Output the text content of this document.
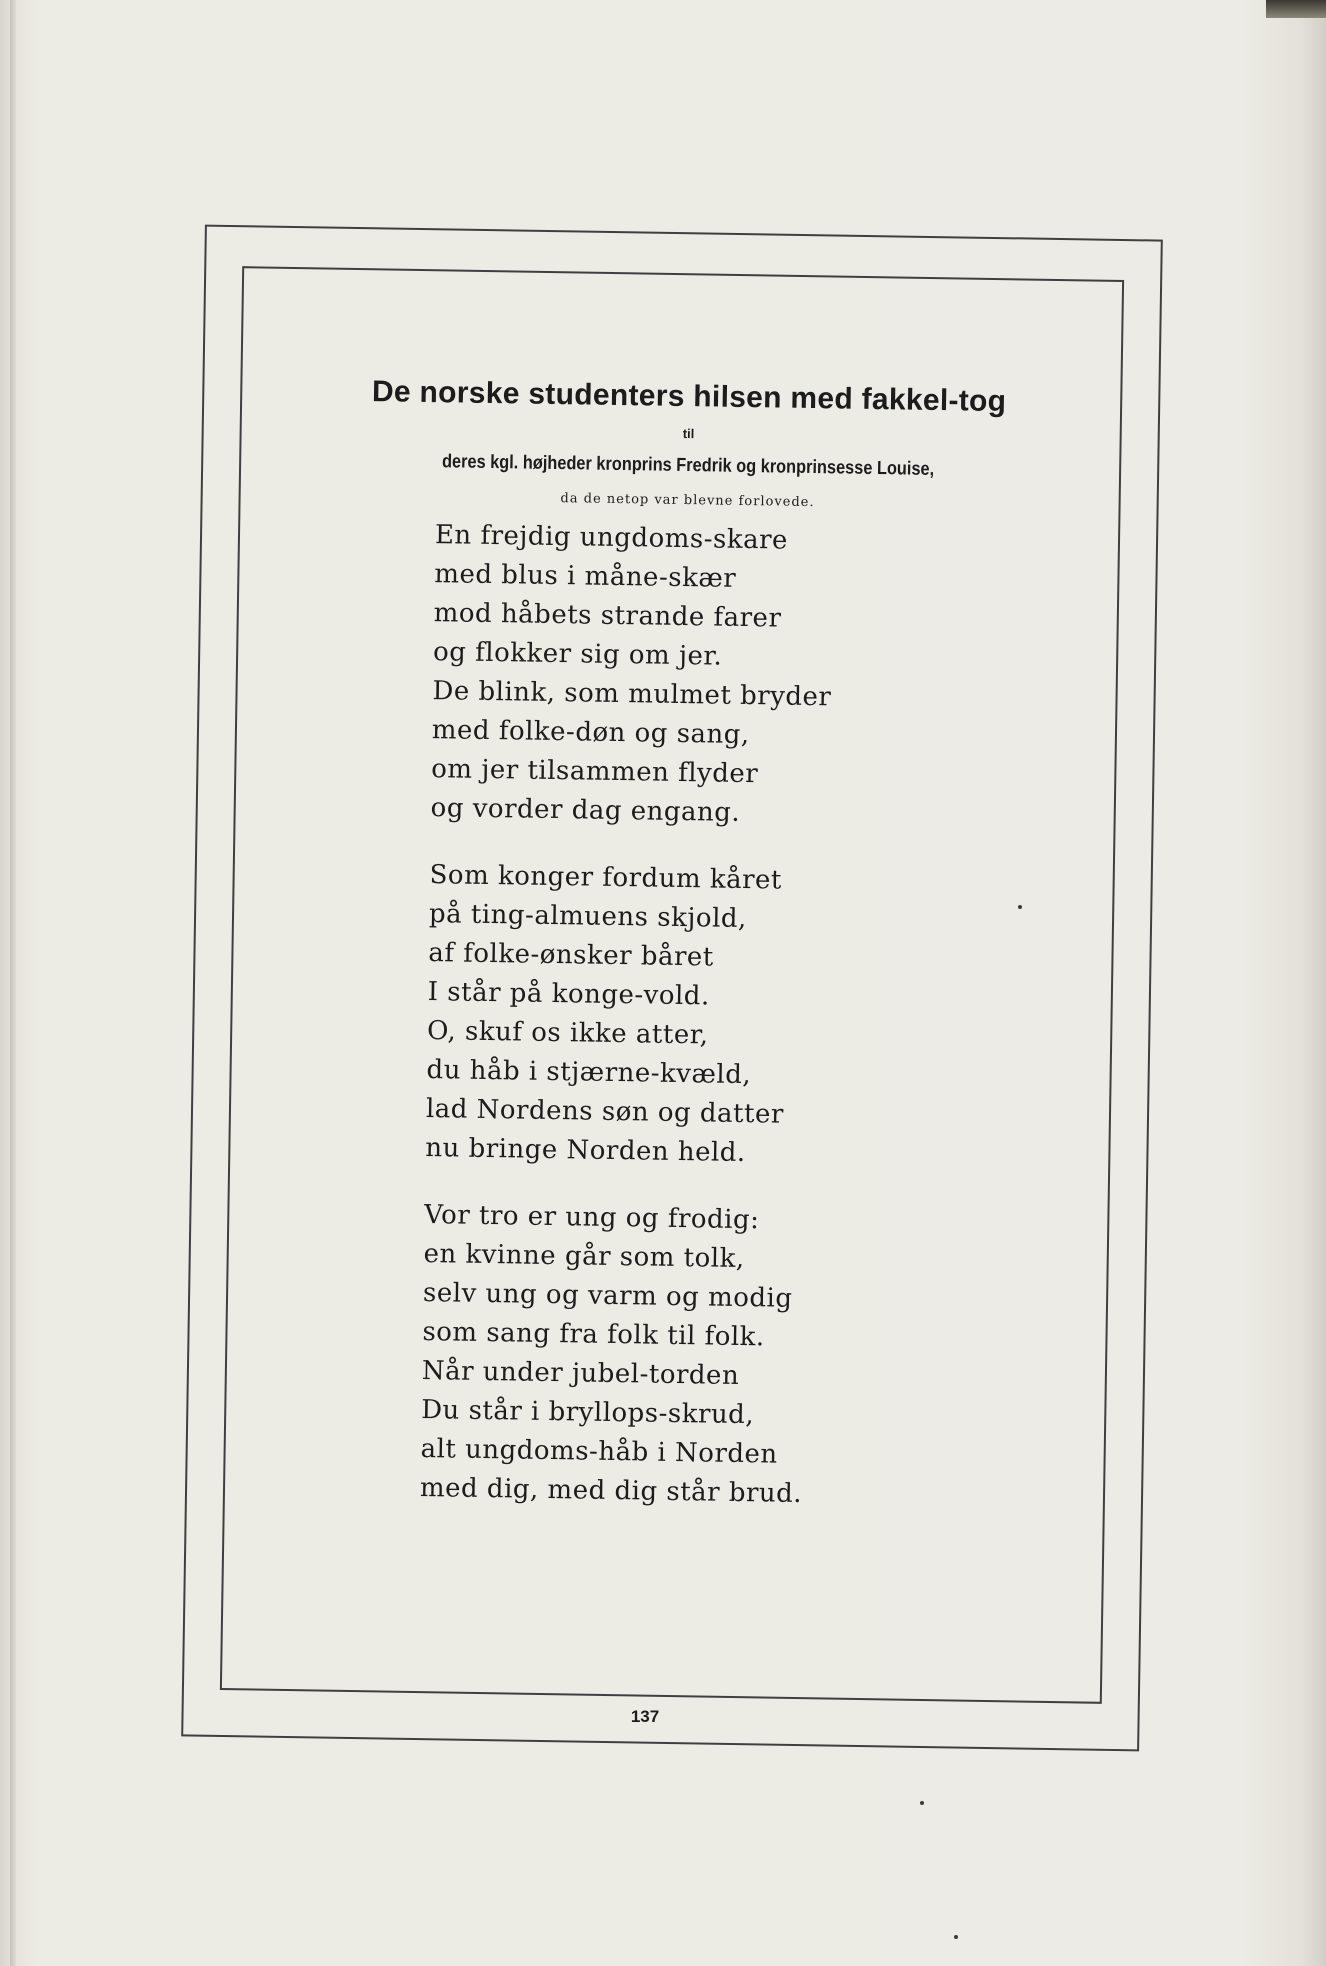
De norske studenters hilsen med fakkel-tog
til
deres kgl. højheder kronprins Fredrik og kronprinsesse Louise,
da de netop var blevne forlovede.
En frejdig ungdoms-skare
med blus i måne-skær
mod håbets strande farer
og flokker sig om jer.
De blink, som mulmet bryder
med folke-døn og sang,
om jer tilsammen flyder
og vorder dag engang.
Som konger fordum kåret
på ting-almuens skjold,
af folke-ønsker båret
I står på konge-vold.
O, skuf os ikke atter,
du håb i stjærne-kvæld,
lad Nordens søn og datter
nu bringe Norden held.
Vor tro er ung og frodig:
en kvinne går som tolk,
selv ung og varm og modig
som sang fra folk til folk.
Når under jubel-torden
Du står i bryllops-skrud,
alt ungdoms-håb i Norden
med dig, med dig står brud.
137
